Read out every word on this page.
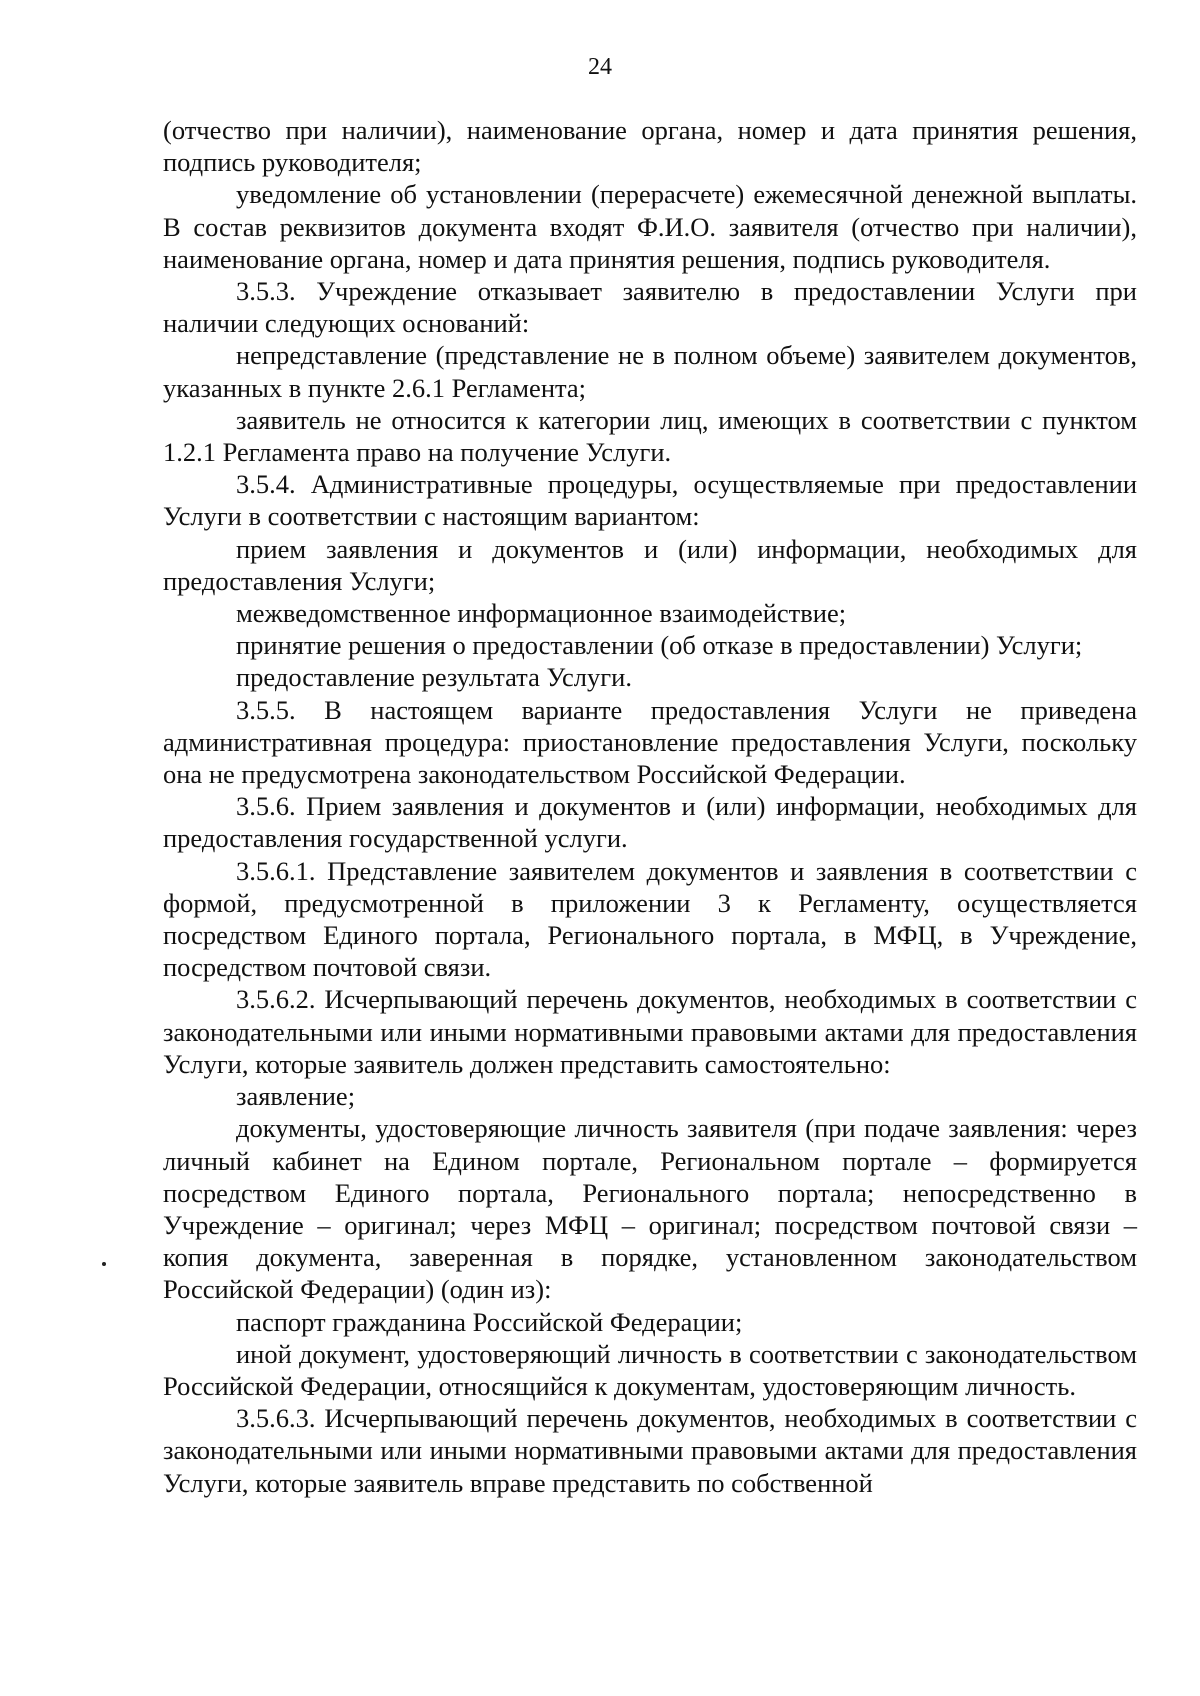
24

(отчество при наличии), наименование органа, номер и дата принятия решения, подпись руководителя;

уведомление об установлении (перерасчете) ежемесячной денежной выплаты. В состав реквизитов документа входят Ф.И.О. заявителя (отчество при наличии), наименование органа, номер и дата принятия решения, подпись руководителя.

3.5.3. Учреждение отказывает заявителю в предоставлении Услуги при наличии следующих оснований:

непредставление (представление не в полном объеме) заявителем документов, указанных в пункте 2.6.1 Регламента;

заявитель не относится к категории лиц, имеющих в соответствии с пунктом 1.2.1 Регламента право на получение Услуги.

3.5.4. Административные процедуры, осуществляемые при предоставлении Услуги в соответствии с настоящим вариантом:

прием заявления и документов и (или) информации, необходимых для предоставления Услуги;

межведомственное информационное взаимодействие;

принятие решения о предоставлении (об отказе в предоставлении) Услуги;

предоставление результата Услуги.

3.5.5. В настоящем варианте предоставления Услуги не приведена административная процедура: приостановление предоставления Услуги, поскольку она не предусмотрена законодательством Российской Федерации.

3.5.6. Прием заявления и документов и (или) информации, необходимых для предоставления государственной услуги.

3.5.6.1. Представление заявителем документов и заявления в соответствии с формой, предусмотренной в приложении 3 к Регламенту, осуществляется посредством Единого портала, Регионального портала, в МФЦ, в Учреждение, посредством почтовой связи.

3.5.6.2. Исчерпывающий перечень документов, необходимых в соответствии с законодательными или иными нормативными правовыми актами для предоставления Услуги, которые заявитель должен представить самостоятельно:

заявление;

документы, удостоверяющие личность заявителя (при подаче заявления: через личный кабинет на Едином портале, Региональном портале – формируется посредством Единого портала, Регионального портала; непосредственно в Учреждение – оригинал; через МФЦ – оригинал; посредством почтовой связи – копия документа, заверенная в порядке, установленном законодательством Российской Федерации) (один из):

паспорт гражданина Российской Федерации;

иной документ, удостоверяющий личность в соответствии с законодательством Российской Федерации, относящийся к документам, удостоверяющим личность.

3.5.6.3. Исчерпывающий перечень документов, необходимых в соответствии с законодательными или иными нормативными правовыми актами для предоставления Услуги, которые заявитель вправе представить по собственной
